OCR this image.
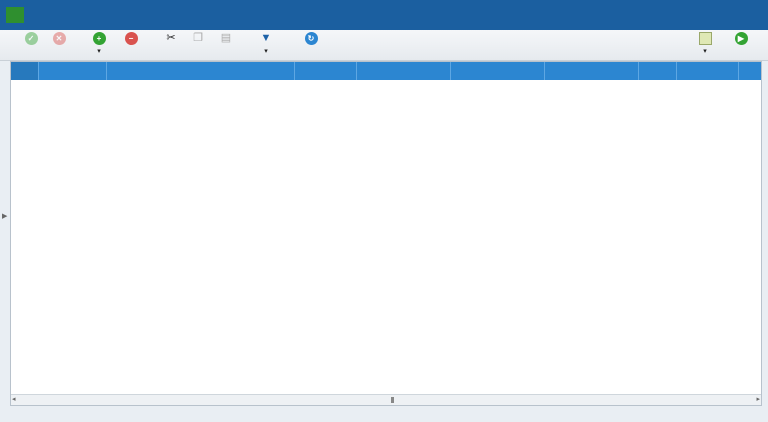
✓	✕	+
▾
−	✂ ❐ ▤	▼
▾
↻
▾
▶
▶
◂	▸
